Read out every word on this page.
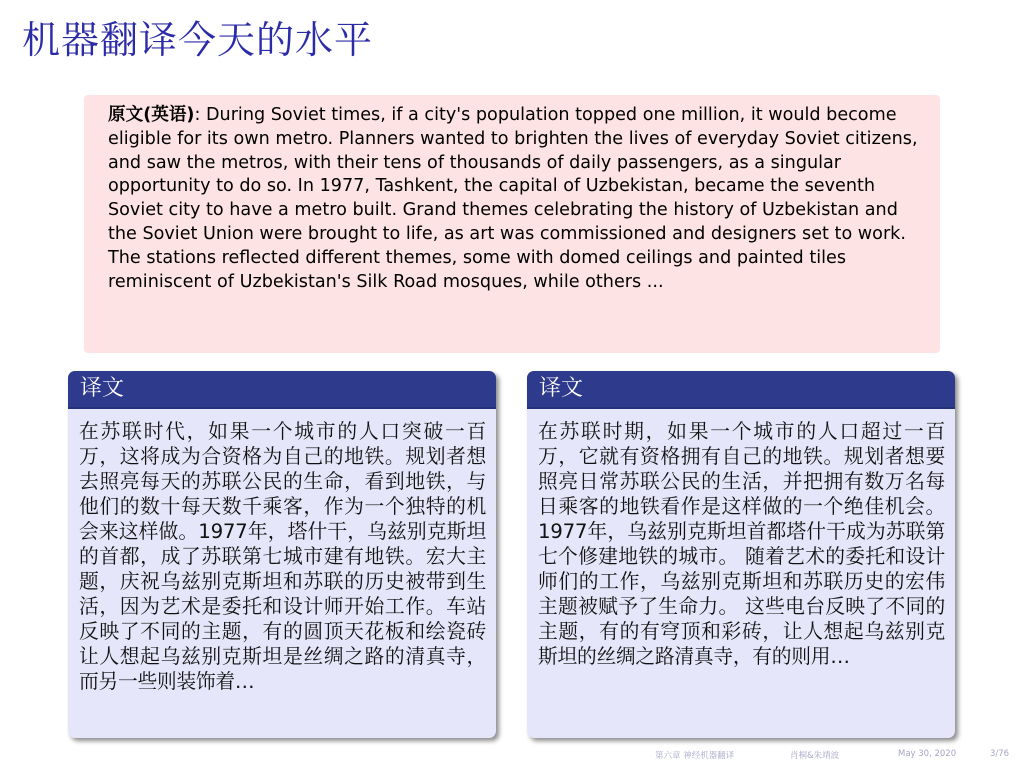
机器翻译今天的水平

原文(英语): During Soviet times, if a city's population topped one million, it would become eligible for its own metro. Planners wanted to brighten the lives of everyday Soviet citizens, and saw the metros, with their tens of thousands of daily passengers, as a singular opportunity to do so. In 1977, Tashkent, the capital of Uzbekistan, became the seventh Soviet city to have a metro built. Grand themes celebrating the history of Uzbekistan and the Soviet Union were brought to life, as art was commissioned and designers set to work. The stations reflected different themes, some with domed ceilings and painted tiles reminiscent of Uzbekistan's Silk Road mosques, while others ...

译文
在苏联时代，如果一个城市的人口突破一百万，这将成为合资格为自己的地铁。规划者想去照亮每天的苏联公民的生命，看到地铁，与他们的数十每天数千乘客，作为一个独特的机会来这样做。1977年，塔什干，乌兹别克斯坦的首都，成了苏联第七城市建有地铁。宏大主题，庆祝乌兹别克斯坦和苏联的历史被带到生活，因为艺术是委托和设计师开始工作。车站反映了不同的主题，有的圆顶天花板和绘瓷砖让人想起乌兹别克斯坦是丝绸之路的清真寺，而另一些则装饰着…
译文
在苏联时期，如果一个城市的人口超过一百万，它就有资格拥有自己的地铁。规划者想要照亮日常苏联公民的生活，并把拥有数万名每日乘客的地铁看作是这样做的一个绝佳机会。 1977年，乌兹别克斯坦首都塔什干成为苏联第七个修建地铁的城市。 随着艺术的委托和设计师们的工作，乌兹别克斯坦和苏联历史的宏伟主题被赋予了生命力。 这些电台反映了不同的主题，有的有穹顶和彩砖，让人想起乌兹别克斯坦的丝绸之路清真寺，有的则用…
第六章 神经机器翻译	肖桐&朱靖波	May 30, 2020	3/76
